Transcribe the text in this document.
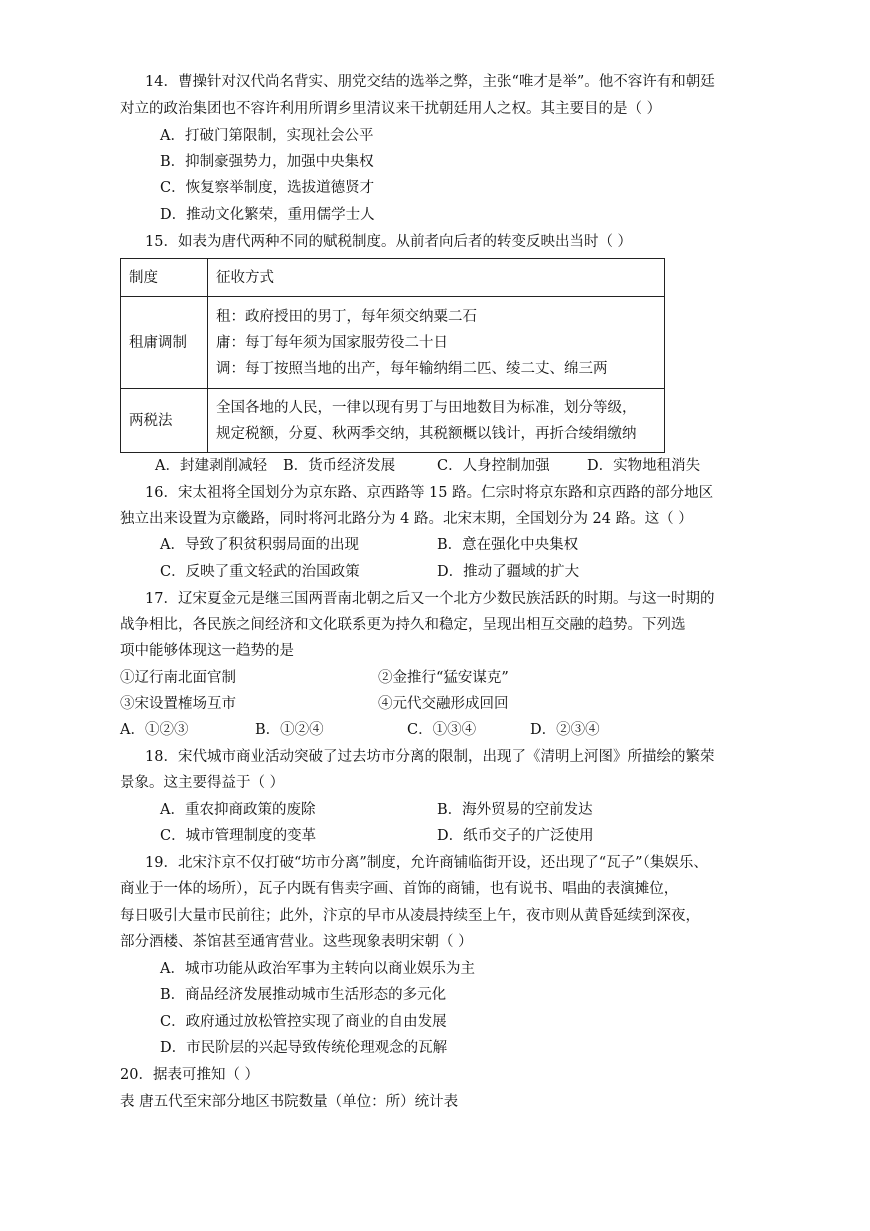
14．曹操针对汉代尚名背实、朋党交结的选举之弊，主张“唯才是举”。他不容许有和朝廷
对立的政治集团也不容许利用所谓乡里清议来干扰朝廷用人之权。其主要目的是（ ）
A．打破门第限制，实现社会公平
B．抑制豪强势力，加强中央集权
C．恢复察举制度，选拔道德贤才
D．推动文化繁荣，重用儒学士人
15．如表为唐代两种不同的赋税制度。从前者向后者的转变反映出当时（ ）
制度	征收方式
租庸调制	租：政府授田的男丁，每年须交纳粟二石
庸：每丁每年须为国家服劳役二十日
调：每丁按照当地的出产，每年输纳绢二匹、绫二丈、绵三两

两税法	全国各地的人民，一律以现有男丁与田地数目为标准，划分等级，
规定税额，分夏、秋两季交纳，其税额概以钱计，再折合绫绢缴纳
A．封建剥削减轻 B．货币经济发展	C．人身控制加强	D．实物地租消失
16．宋太祖将全国划分为京东路、京西路等 15 路。仁宗时将京东路和京西路的部分地区
独立出来设置为京畿路，同时将河北路分为 4 路。北宋末期，全国划分为 24 路。这（ ）
A．导致了积贫积弱局面的出现	B．意在强化中央集权
C．反映了重文轻武的治国政策	D．推动了疆域的扩大
17．辽宋夏金元是继三国两晋南北朝之后又一个北方少数民族活跃的时期。与这一时期的
战争相比，各民族之间经济和文化联系更为持久和稳定，呈现出相互交融的趋势。下列选
项中能够体现这一趋势的是
①辽行南北面官制	②金推行“猛安谋克”
③宋设置榷场互市	④元代交融形成回回
A．①②③	B．①②④	C．①③④	D．②③④
18．宋代城市商业活动突破了过去坊市分离的限制，出现了《清明上河图》所描绘的繁荣
景象。这主要得益于（ ）
A．重农抑商政策的废除	B．海外贸易的空前发达
C．城市管理制度的变革	D．纸币交子的广泛使用
19．北宋汴京不仅打破“坊市分离”制度，允许商铺临街开设，还出现了“瓦子”（集娱乐、
商业于一体的场所），瓦子内既有售卖字画、首饰的商铺，也有说书、唱曲的表演摊位，
每日吸引大量市民前往；此外，汴京的早市从凌晨持续至上午，夜市则从黄昏延续到深夜，
部分酒楼、茶馆甚至通宵营业。这些现象表明宋朝（ ）
A．城市功能从政治军事为主转向以商业娱乐为主
B．商品经济发展推动城市生活形态的多元化
C．政府通过放松管控实现了商业的自由发展
D．市民阶层的兴起导致传统伦理观念的瓦解
20．据表可推知（ ）
表 唐五代至宋部分地区书院数量（单位：所）统计表
